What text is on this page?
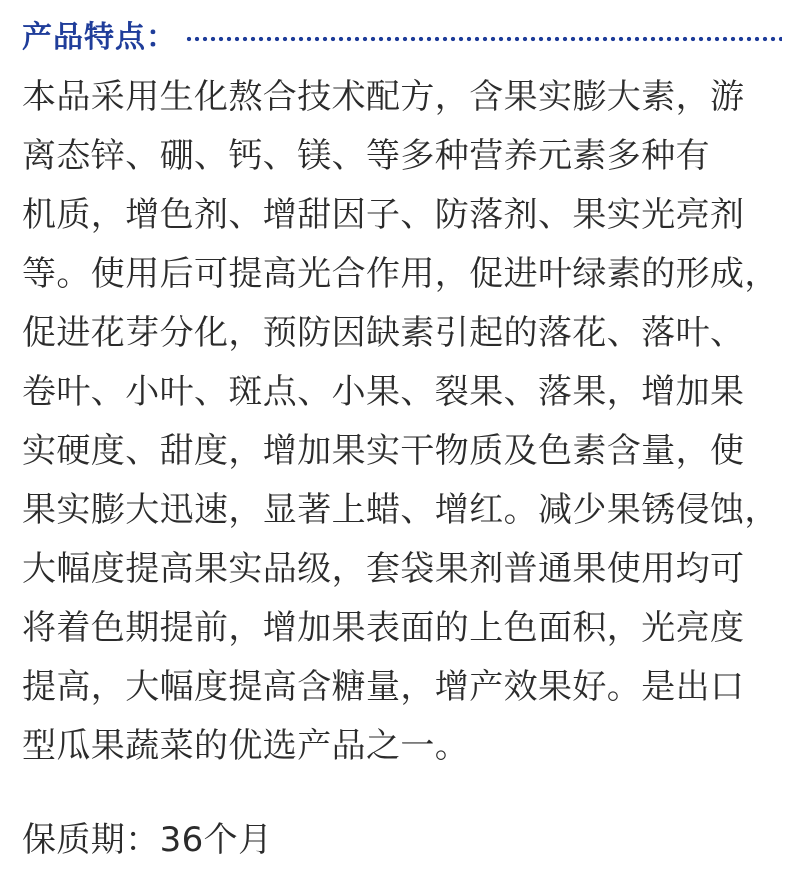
产品特点：
本品采用生化熬合技术配方，含果实膨大素，游
离态锌、硼、钙、镁、等多种营养元素多种有
机质，增色剂、增甜因子、防落剂、果实光亮剂
等。使用后可提高光合作用，促进叶绿素的形成，
促进花芽分化，预防因缺素引起的落花、落叶、
卷叶、小叶、斑点、小果、裂果、落果，增加果
实硬度、甜度，增加果实干物质及色素含量，使
果实膨大迅速，显著上蜡、增红。减少果锈侵蚀，
大幅度提高果实品级，套袋果剂普通果使用均可
将着色期提前，增加果表面的上色面积，光亮度
提高，大幅度提高含糖量，增产效果好。是出口
型瓜果蔬菜的优选产品之一。
保质期：36个月
